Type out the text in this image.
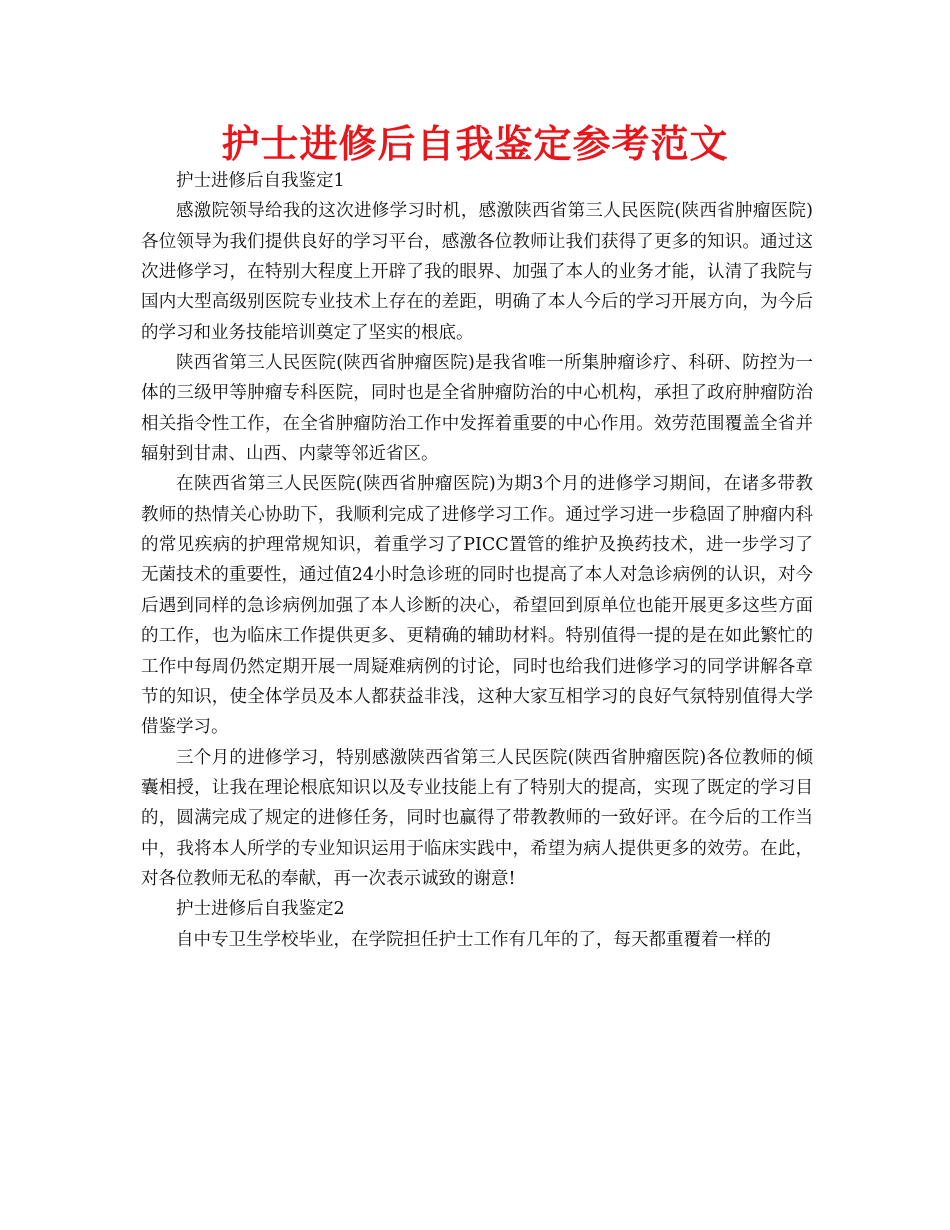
护士进修后自我鉴定参考范文

护士进修后自我鉴定1

感激院领导给我的这次进修学习时机，感激陕西省第三人民医院(陕西省肿瘤医院)各位领导为我们提供良好的学习平台，感激各位教师让我们获得了更多的知识。通过这次进修学习，在特别大程度上开辟了我的眼界、加强了本人的业务才能，认清了我院与国内大型高级别医院专业技术上存在的差距，明确了本人今后的学习开展方向，为今后的学习和业务技能培训奠定了坚实的根底。

陕西省第三人民医院(陕西省肿瘤医院)是我省唯一所集肿瘤诊疗、科研、防控为一体的三级甲等肿瘤专科医院，同时也是全省肿瘤防治的中心机构，承担了政府肿瘤防治相关指令性工作，在全省肿瘤防治工作中发挥着重要的中心作用。效劳范围覆盖全省并辐射到甘肃、山西、内蒙等邻近省区。

在陕西省第三人民医院(陕西省肿瘤医院)为期3个月的进修学习期间，在诸多带教教师的热情关心协助下，我顺利完成了进修学习工作。通过学习进一步稳固了肿瘤内科的常见疾病的护理常规知识，着重学习了PICC置管的维护及换药技术，进一步学习了无菌技术的重要性，通过值24小时急诊班的同时也提高了本人对急诊病例的认识，对今后遇到同样的急诊病例加强了本人诊断的决心，希望回到原单位也能开展更多这些方面的工作，也为临床工作提供更多、更精确的辅助材料。特别值得一提的是在如此繁忙的工作中每周仍然定期开展一周疑难病例的讨论，同时也给我们进修学习的同学讲解各章节的知识，使全体学员及本人都获益非浅，这种大家互相学习的良好气氛特别值得大学借鉴学习。

三个月的进修学习，特别感激陕西省第三人民医院(陕西省肿瘤医院)各位教师的倾囊相授，让我在理论根底知识以及专业技能上有了特别大的提高，实现了既定的学习目的，圆满完成了规定的进修任务，同时也赢得了带教教师的一致好评。在今后的工作当中，我将本人所学的专业知识运用于临床实践中，希望为病人提供更多的效劳。在此，对各位教师无私的奉献，再一次表示诚致的谢意!

护士进修后自我鉴定2

自中专卫生学校毕业，在学院担任护士工作有几年的了，每天都重覆着一样的
